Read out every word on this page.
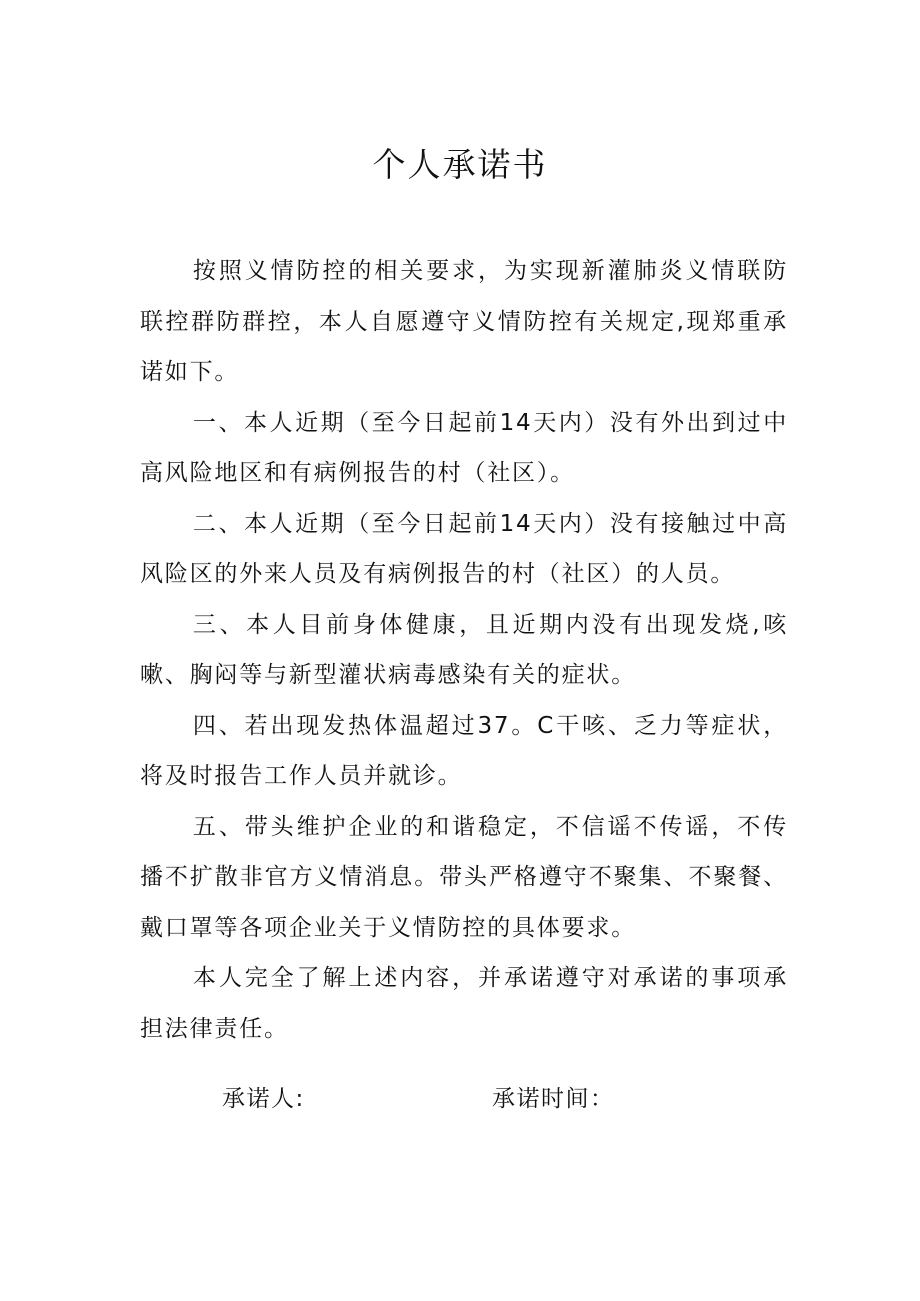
个人承诺书

按照义情防控的相关要求，为实现新灌肺炎义情联防联控群防群控，本人自愿遵守义情防控有关规定,现郑重承诺如下。

一、本人近期（至今日起前14天内）没有外出到过中高风险地区和有病例报告的村（社区）。

二、本人近期（至今日起前14天内）没有接触过中高风险区的外来人员及有病例报告的村（社区）的人员。

三、本人目前身体健康，且近期内没有出现发烧,咳嗽、胸闷等与新型灌状病毒感染有关的症状。

四、若出现发热体温超过37。C干咳、乏力等症状，将及时报告工作人员并就诊。

五、带头维护企业的和谐稳定，不信谣不传谣，不传播不扩散非官方义情消息。带头严格遵守不聚集、不聚餐、戴口罩等各项企业关于义情防控的具体要求。

本人完全了解上述内容，并承诺遵守对承诺的事项承担法律责任。

承诺人:	承诺时间：
